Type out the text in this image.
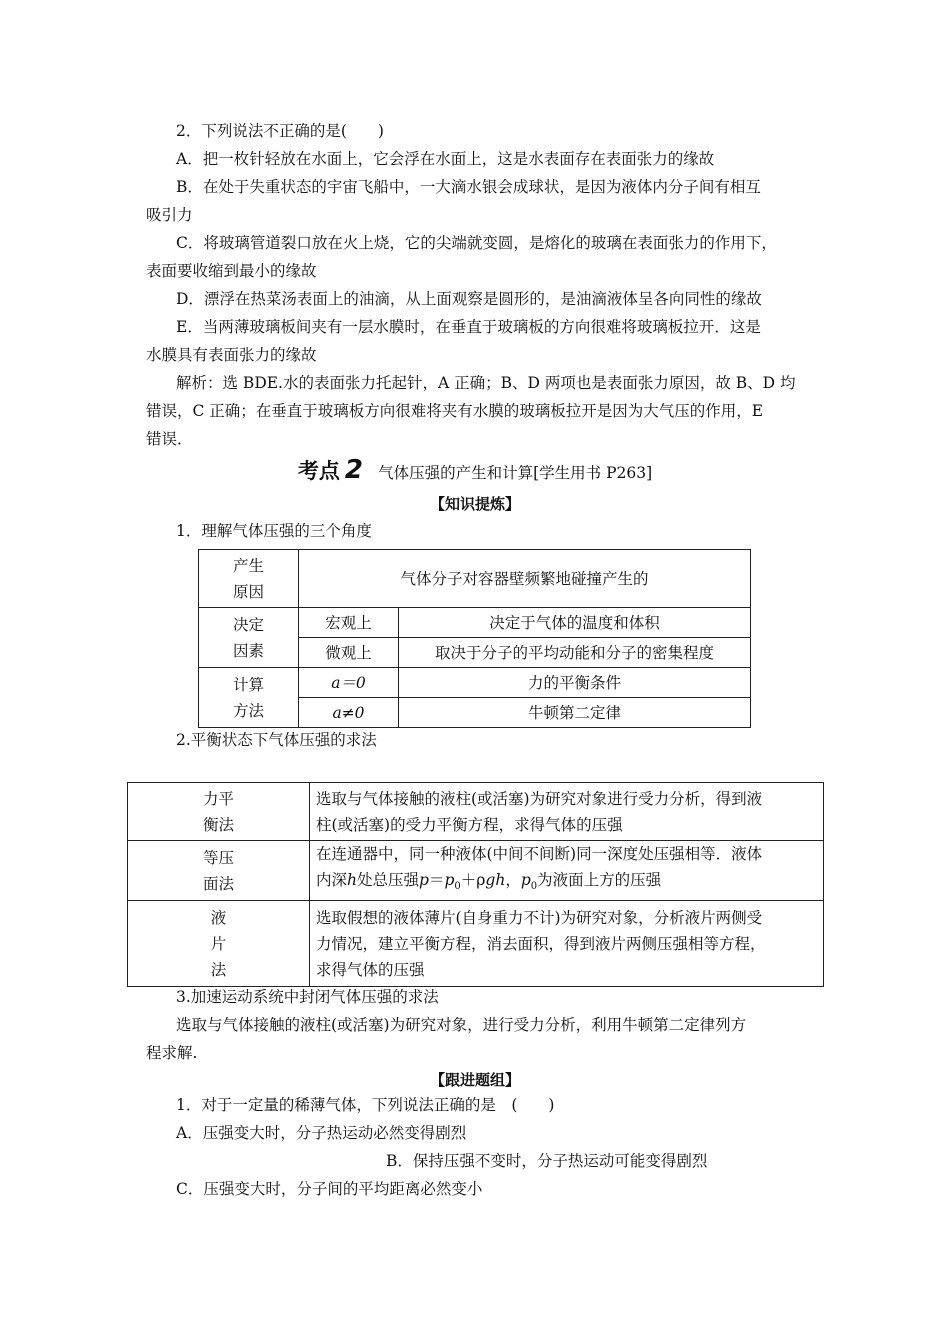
2．下列说法不正确的是(　　)
A．把一枚针轻放在水面上，它会浮在水面上，这是水表面存在表面张力的缘故
B．在处于失重状态的宇宙飞船中，一大滴水银会成球状，是因为液体内分子间有相互
吸引力
C．将玻璃管道裂口放在火上烧，它的尖端就变圆，是熔化的玻璃在表面张力的作用下，
表面要收缩到最小的缘故
D．漂浮在热菜汤表面上的油滴，从上面观察是圆形的，是油滴液体呈各向同性的缘故
E．当两薄玻璃板间夹有一层水膜时，在垂直于玻璃板的方向很难将玻璃板拉开．这是
水膜具有表面张力的缘故
解析：选 BDE.水的表面张力托起针，A 正确；B、D 两项也是表面张力原因，故 B、D 均
错误，C 正确；在垂直于玻璃板方向很难将夹有水膜的玻璃板拉开是因为大气压的作用，E
错误．
考点 2 气体压强的产生和计算[学生用书 P263]
【知识提炼】
1．理解气体压强的三个角度
产生
原因	气体分子对容器壁频繁地碰撞产生的	
决定
因素	宏观上	决定于气体的温度和体积
	微观上	取决于分子的平均动能和分子的密集程度
计算
方法	a＝0	力的平衡条件
	a≠0	牛顿第二定律
2.平衡状态下气体压强的求法
力平
衡法	选取与气体接触的液柱(或活塞)为研究对象进行受力分析，得到液
柱(或活塞)的受力平衡方程，求得气体的压强
等压
面法	在连通器中，同一种液体(中间不间断)同一深度处压强相等．液体
内深h处总压强$p=p_0+\rho gh$，$p_0$为液面上方的压强
液
片
法	选取假想的液体薄片(自身重力不计)为研究对象，分析液片两侧受
力情况，建立平衡方程，消去面积，得到液片两侧压强相等方程，
求得气体的压强
3.加速运动系统中封闭气体压强的求法
选取与气体接触的液柱(或活塞)为研究对象，进行受力分析，利用牛顿第二定律列方
程求解.
【跟进题组】
1．对于一定量的稀薄气体，下列说法正确的是　(　　)
A．压强变大时，分子热运动必然变得剧烈
B．保持压强不变时，分子热运动可能变得剧烈
C．压强变大时，分子间的平均距离必然变小
